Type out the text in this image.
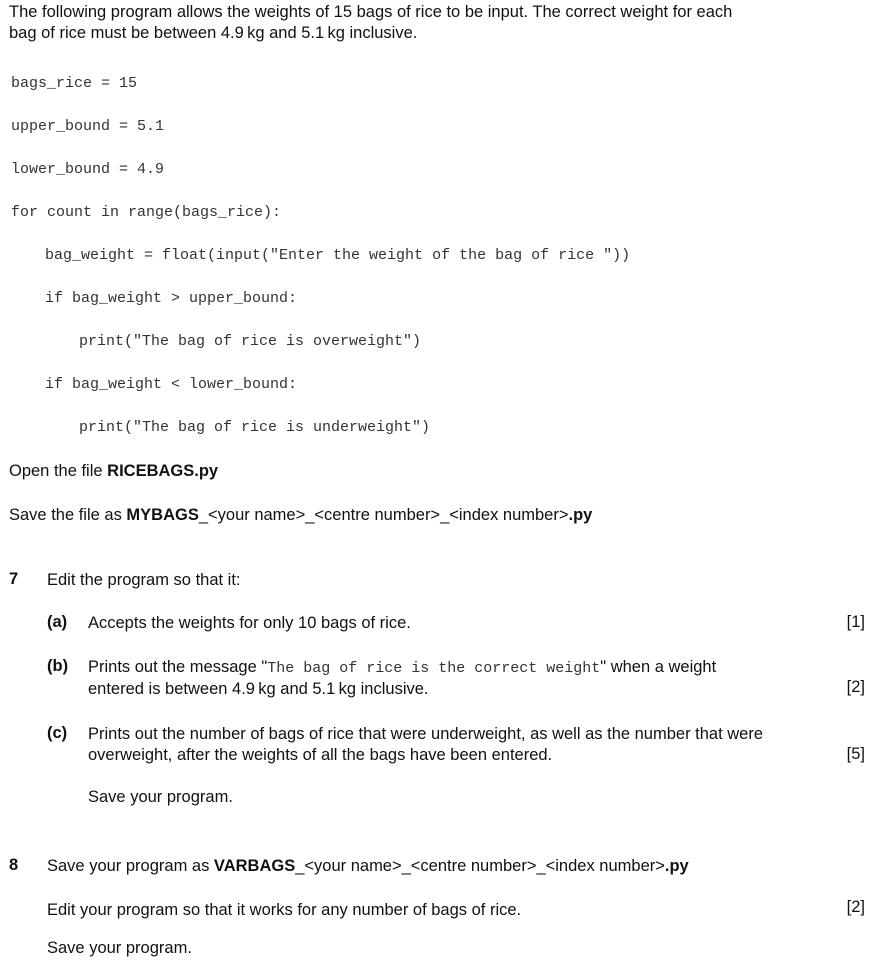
The following program allows the weights of 15 bags of rice to be input. The correct weight for each
bag of rice must be between 4.9 kg and 5.1 kg inclusive.
bags_rice = 15
upper_bound = 5.1
lower_bound = 4.9
for count in range(bags_rice):
bag_weight = float(input("Enter the weight of the bag of rice "))
if bag_weight > upper_bound:
print("The bag of rice is overweight")
if bag_weight < lower_bound:
print("The bag of rice is underweight")
Open the file RICEBAGS.py
Save the file as MYBAGS_<your name>_<centre number>_<index number>.py
7 Edit the program so that it:
(a) Accepts the weights for only 10 bags of rice.	[1]
(b) Prints out the message "The bag of rice is the correct weight" when a weight
entered is between 4.9 kg and 5.1 kg inclusive.	[2]
(c) Prints out the number of bags of rice that were underweight, as well as the number that were
overweight, after the weights of all the bags have been entered.	[5]
Save your program.
8 Save your program as VARBAGS_<your name>_<centre number>_<index number>.py
Edit your program so that it works for any number of bags of rice.	[2]
Save your program.
